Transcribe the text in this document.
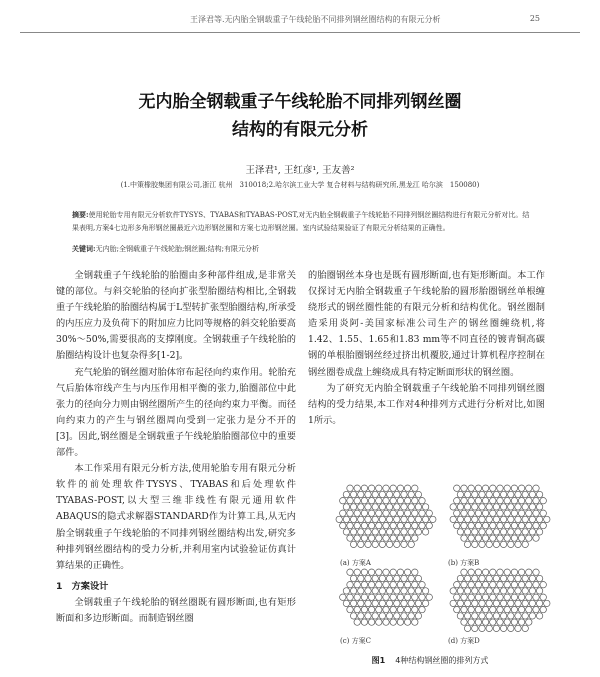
王泽君等.无内胎全钢载重子午线轮胎不同排列钢丝圈结构的有限元分析	25
无内胎全钢载重子午线轮胎不同排列钢丝圈
结构的有限元分析
王泽君¹, 王红彦¹, 王友善²
(1.中策橡胶集团有限公司,浙江 杭州　310018;2.哈尔滨工业大学 复合材料与结构研究所,黑龙江 哈尔滨　150080)
摘要:使用轮胎专用有限元分析软件TYSYS、TYABAS和TYABAS-POST,对无内胎全钢载重子午线轮胎不同排列钢丝圈结构进行有限元分析对比。结果表明,方案4七边形多角形钢丝圈最近六边形钢丝圈和方案七边形钢丝圈。室内试验结果验证了有限元分析结果的正确性。
关键词:无内胎;全钢载重子午线轮胎;钢丝圈;结构;有限元分析

全钢载重子午线轮胎的胎圈由多种部件组成,是非常关键的部位。与斜交轮胎的径向扩张型胎圈结构相比,全钢载重子午线轮胎的胎圈结构属于L型转扩张型胎圈结构,所承受的内压应力及负荷下的附加应力比同等规格的斜交轮胎要高30%～50%,需要很高的支撑刚度。全钢载重子午线轮胎的胎圈结构设计也复杂得多[1-2]。

充气轮胎的钢丝圈对胎体帘布起径向约束作用。轮胎充气后胎体帘线产生与内压作用相平衡的张力,胎圈部位中此张力的径向分力则由钢丝圈所产生的径向约束力平衡。而径向约束力的产生与钢丝圈周向受到一定张力是分不开的[3]。因此,钢丝圈是全钢载重子午线轮胎胎圈部位中的重要部件。

本工作采用有限元分析方法,使用轮胎专用有限元分析软件的前处理软件TYSYS、TYABAS和后处理软件TYABAS-POST,以大型三维非线性有限元通用软件ABAQUS的隐式求解器STANDARD作为计算工具,从无内胎全钢载重子午线轮胎的不同排列钢丝圈结构出发,研究多种排列钢丝圈结构的受力分析,并利用室内试验验证仿真计算结果的正确性。

1　方案设计

全钢载重子午线轮胎的钢丝圈既有圆形断面,也有矩形断面和多边形断面。而制造钢丝圈

的胎圈钢丝本身也是既有圆形断面,也有矩形断面。本工作仅探讨无内胎全钢载重子午线轮胎的圆形胎圈钢丝单根缠绕形式的钢丝圈性能的有限元分析和结构优化。钢丝圈制造采用炎阿-美国家标准公司生产的钢丝圈缠绕机,将1.42、1.55、1.65和1.83 mm等不同直径的镀青铜高碳钢的单根胎圈钢丝经过挤出机覆胶,通过计算机程序控制在钢丝圈卷成盘上缠绕成具有特定断面形状的钢丝圈。

为了研究无内胎全钢载重子午线轮胎不同排列钢丝圈结构的受力结果,本工作对4种排列方式进行分析对比,如图1所示。

(a) 方案A	(b) 方案B
(c) 方案C	(d) 方案D
图1 4种结构钢丝圈的排列方式
